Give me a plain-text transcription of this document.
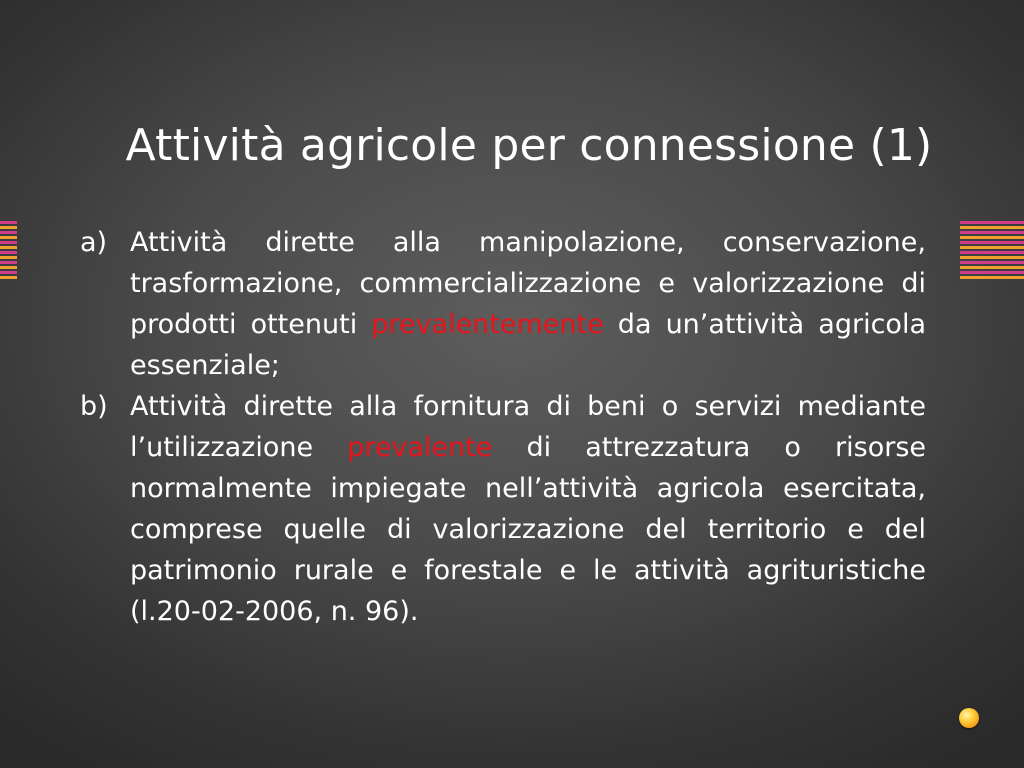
Attività agricole per connessione (1)
a) Attività dirette alla manipolazione, conservazione, trasformazione, commercializzazione e valorizzazione di prodotti ottenuti prevalentemente da un’attività agricola essenziale;
b) Attività dirette alla fornitura di beni o servizi mediante l’utilizzazione prevalente di attrezzatura o risorse normalmente impiegate nell’attività agricola esercitata, comprese quelle di valorizzazione del territorio e del patrimonio rurale e forestale e le attività agrituristiche (l.20-02-2006, n. 96).
